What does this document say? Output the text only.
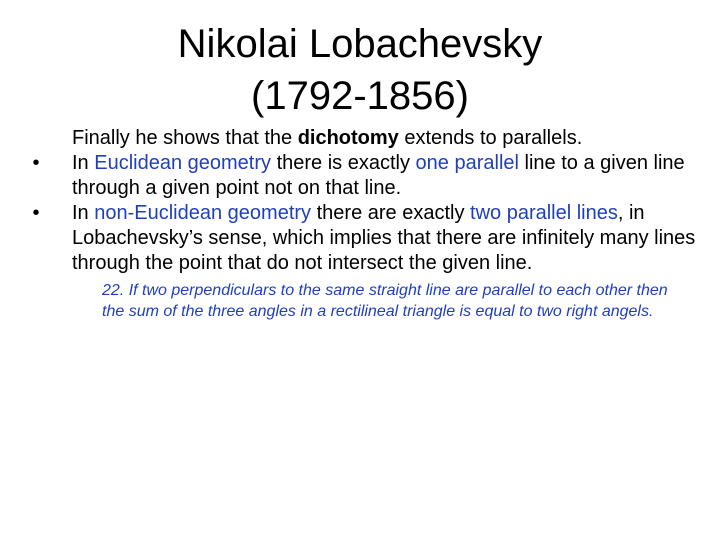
Nikolai Lobachevsky
(1792-1856)

Finally he shows that the dichotomy extends to parallels.

• In Euclidean geometry there is exactly one parallel line to a given line through a given point not on that line.

• In non-Euclidean geometry there are exactly two parallel lines, in Lobachevsky’s sense, which implies that there are infinitely many lines through the point that do not intersect the given line.

22. If two perpendiculars to the same straight line are parallel to each other then the sum of the three angles in a rectilineal triangle is equal to two right angels.
